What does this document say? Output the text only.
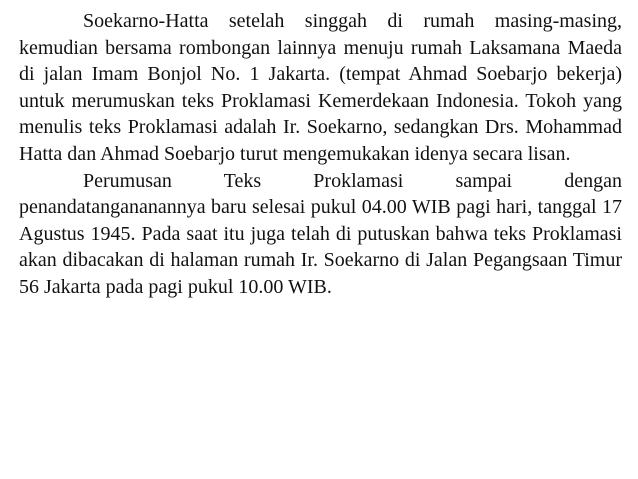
Soekarno-Hatta setelah singgah di rumah masing-masing, kemudian bersama rombongan lainnya menuju rumah Laksamana Maeda di jalan Imam Bonjol No. 1 Jakarta. (tempat Ahmad Soebarjo bekerja) untuk merumuskan teks Proklamasi Kemerdekaan Indonesia. Tokoh yang menulis teks Proklamasi adalah Ir. Soekarno, sedangkan Drs. Mohammad Hatta dan Ahmad Soebarjo turut mengemukakan idenya secara lisan.

Perumusan Teks Proklamasi sampai dengan penandatangananannya baru selesai pukul 04.00 WIB pagi hari, tanggal 17 Agustus 1945. Pada saat itu juga telah di putuskan bahwa teks Proklamasi akan dibacakan di halaman rumah Ir. Soekarno di Jalan Pegangsaan Timur 56 Jakarta pada pagi pukul 10.00 WIB.
